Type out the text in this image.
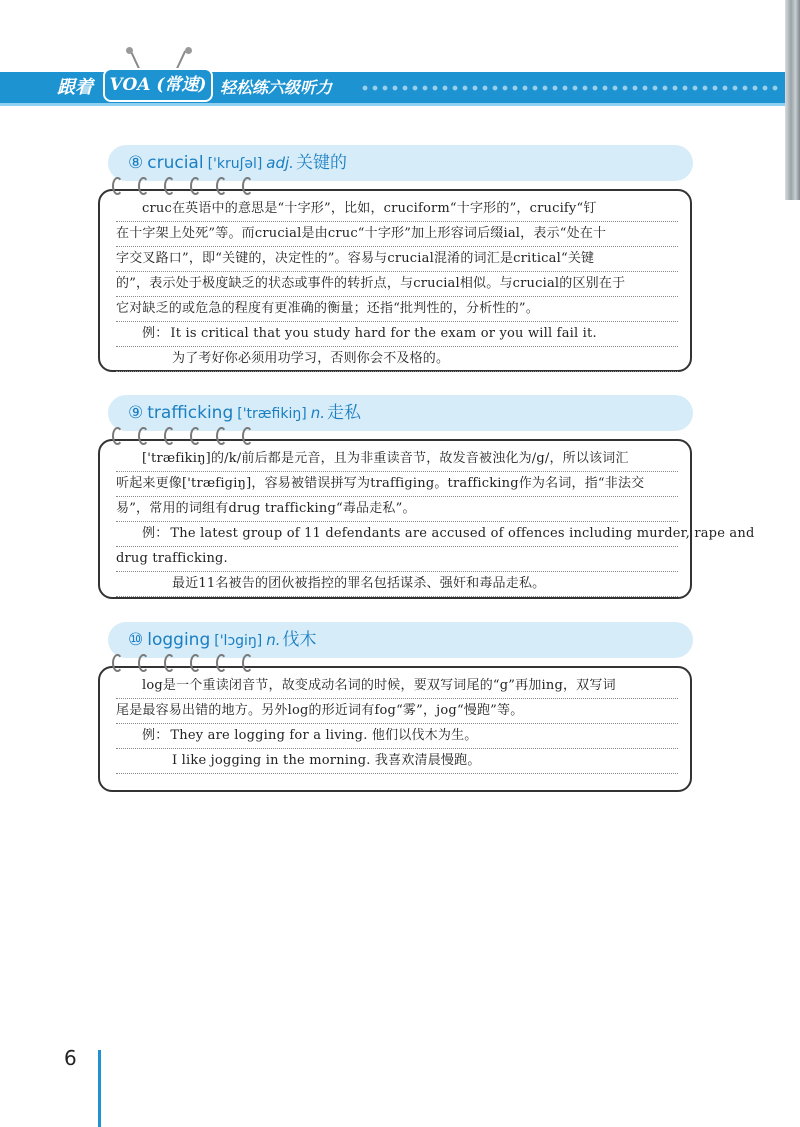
跟着 VOA (常速) 轻松练六级听力
⑧ crucial ['kruʃəl] adj. 关键的
cruc在英语中的意思是“十字形”，比如，cruciform“十字形的”，crucify“钉
在十字架上处死”等。而crucial是由cruc“十字形”加上形容词后缀ial，表示“处在十
字交叉路口”，即“关键的，决定性的”。容易与crucial混淆的词汇是critical“关键
的”，表示处于极度缺乏的状态或事件的转折点，与crucial相似。与crucial的区别在于
它对缺乏的或危急的程度有更准确的衡量；还指“批判性的，分析性的”。
例： It is critical that you study hard for the exam or you will fail it.
为了考好你必须用功学习，否则你会不及格的。
⑨ trafficking ['træfikiŋ] n. 走私
['træfikiŋ]的/k/前后都是元音，且为非重读音节，故发音被浊化为/g/，所以该词汇
听起来更像['træfigiŋ]，容易被错误拼写为traffiging。trafficking作为名词，指“非法交
易”，常用的词组有drug trafficking“毒品走私”。
例： The latest group of 11 defendants are accused of offences including murder, rape and
drug trafficking.
最近11名被告的团伙被指控的罪名包括谋杀、强奸和毒品走私。
⑩ logging ['lɔgiŋ] n. 伐木
log是一个重读闭音节，故变成动名词的时候，要双写词尾的“g”再加ing，双写词
尾是最容易出错的地方。另外log的形近词有fog“雾”，jog“慢跑”等。
例： They are logging for a living. 他们以伐木为生。
I like jogging in the morning. 我喜欢清晨慢跑。
6
